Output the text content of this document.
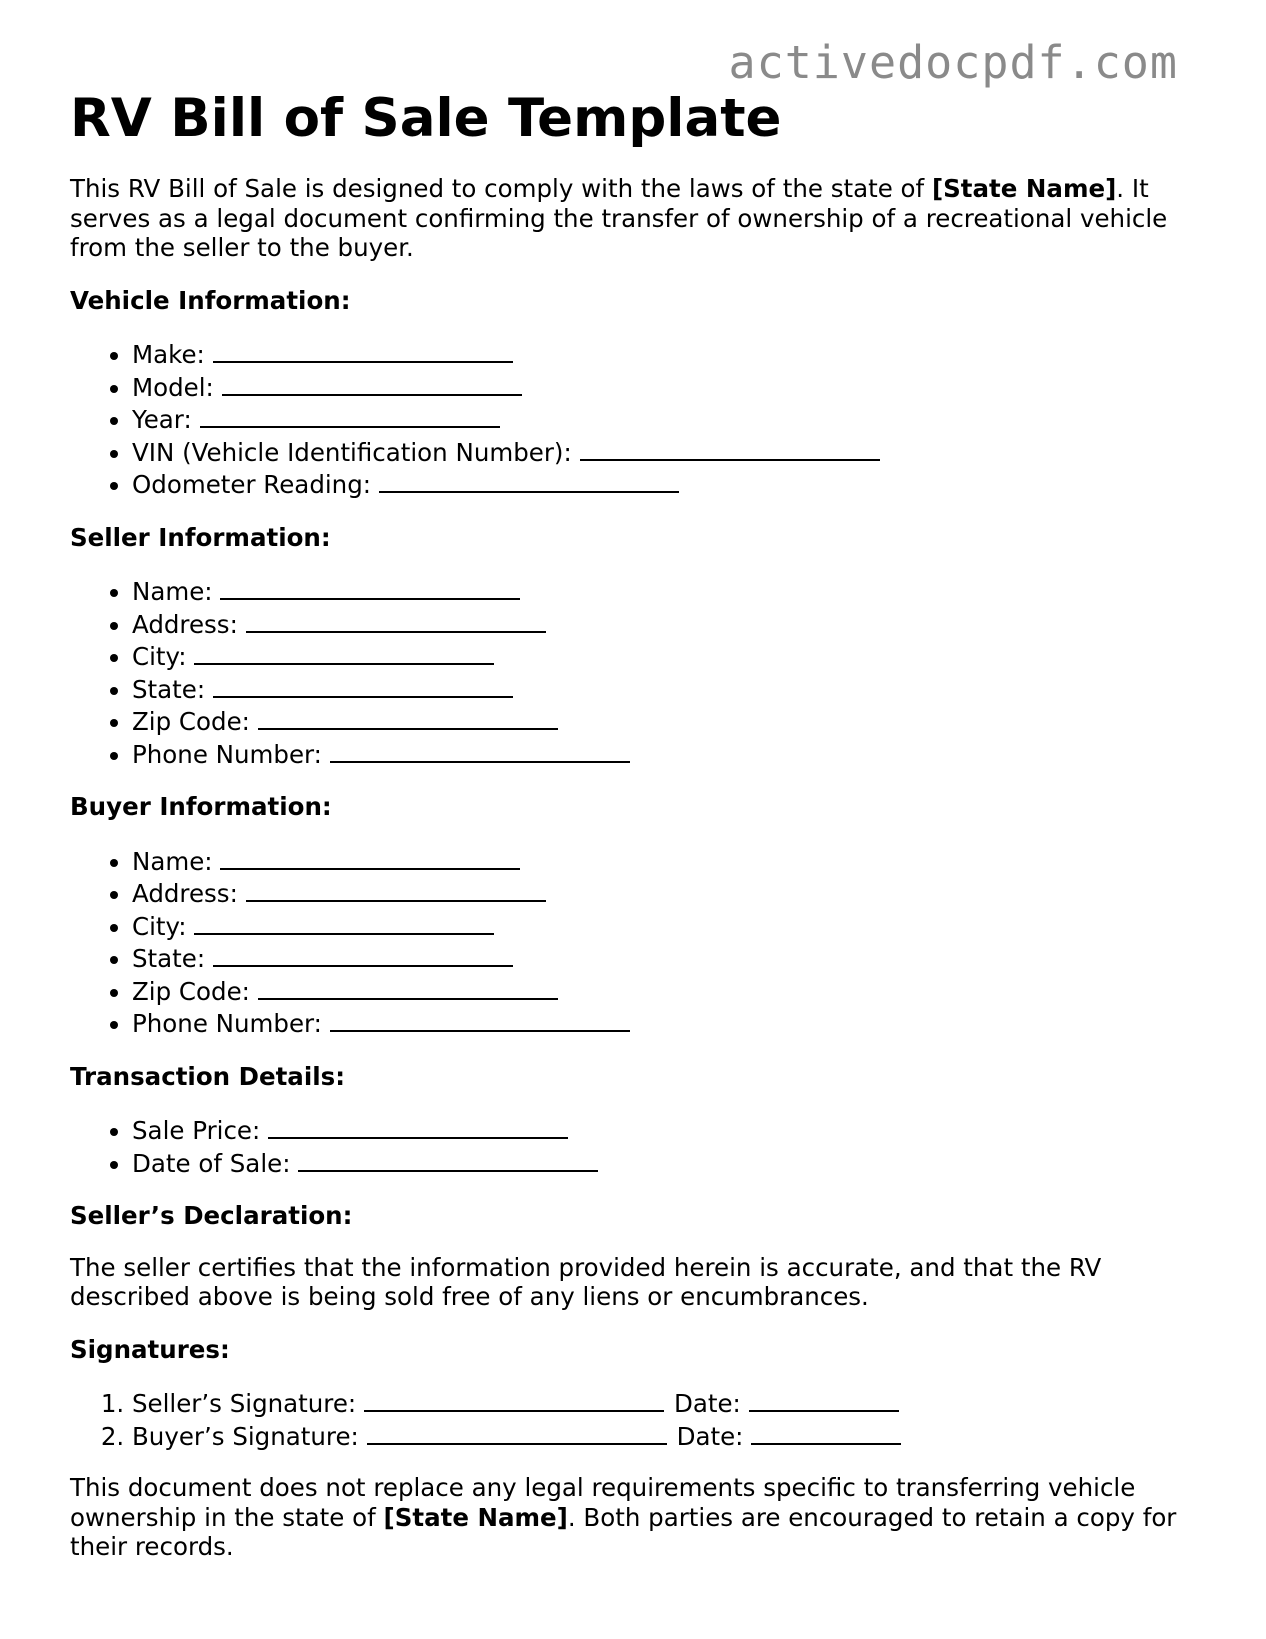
activedocpdf.com
RV Bill of Sale Template

This RV Bill of Sale is designed to comply with the laws of the state of [State Name]. It serves as a legal document confirming the transfer of ownership of a recreational vehicle from the seller to the buyer.

Vehicle Information:

• Make:
• Model:
• Year:
• VIN (Vehicle Identification Number):
• Odometer Reading:

Seller Information:

• Name:
• Address:
• City:
• State:
• Zip Code:
• Phone Number:

Buyer Information:

• Name:
• Address:
• City:
• State:
• Zip Code:
• Phone Number:

Transaction Details:

• Sale Price:
• Date of Sale:

Seller’s Declaration:

The seller certifies that the information provided herein is accurate, and that the RV described above is being sold free of any liens or encumbrances.

Signatures:

1. Seller’s Signature:	Date:
2. Buyer’s Signature:	Date:

This document does not replace any legal requirements specific to transferring vehicle ownership in the state of [State Name]. Both parties are encouraged to retain a copy for their records.
